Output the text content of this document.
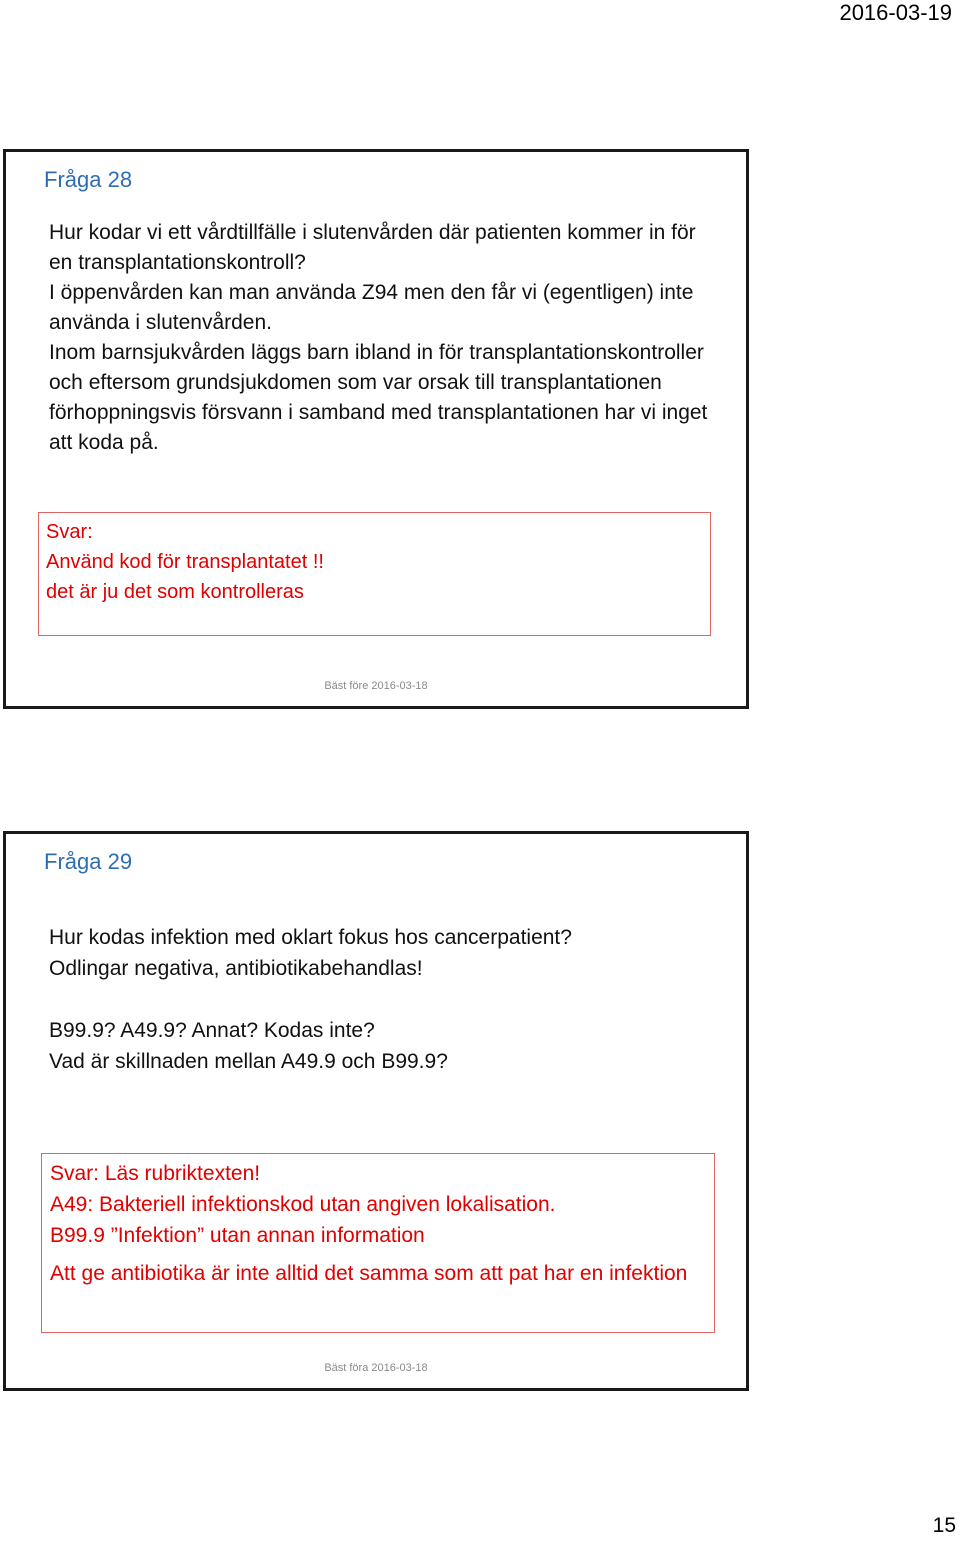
2016-03-19
Fråga 28

Hur kodar vi ett vårdtillfälle i slutenvården där patienten kommer in för en transplantationskontroll?

I öppenvården kan man använda Z94 men den får vi (egentligen) inte använda i slutenvården.

Inom barnsjukvården läggs barn ibland in för transplantationskontroller och eftersom grundsjukdomen som var orsak till transplantationen förhoppningsvis försvann i samband med transplantationen har vi inget att koda på.

Svar:

Använd kod för transplantatet !!

det är ju det som kontrolleras

Bäst före 2016-03-18
Fråga 29

Hur kodas infektion med oklart fokus hos cancerpatient?

Odlingar negativa, antibiotikabehandlas!

B99.9? A49.9? Annat? Kodas inte?

Vad är skillnaden mellan A49.9 och B99.9?

Svar: Läs rubriktexten!

A49: Bakteriell infektionskod utan angiven lokalisation.

B99.9 ”Infektion” utan annan information

Att ge antibiotika är inte alltid det samma som att pat har en infektion

Bäst föra 2016-03-18
15
